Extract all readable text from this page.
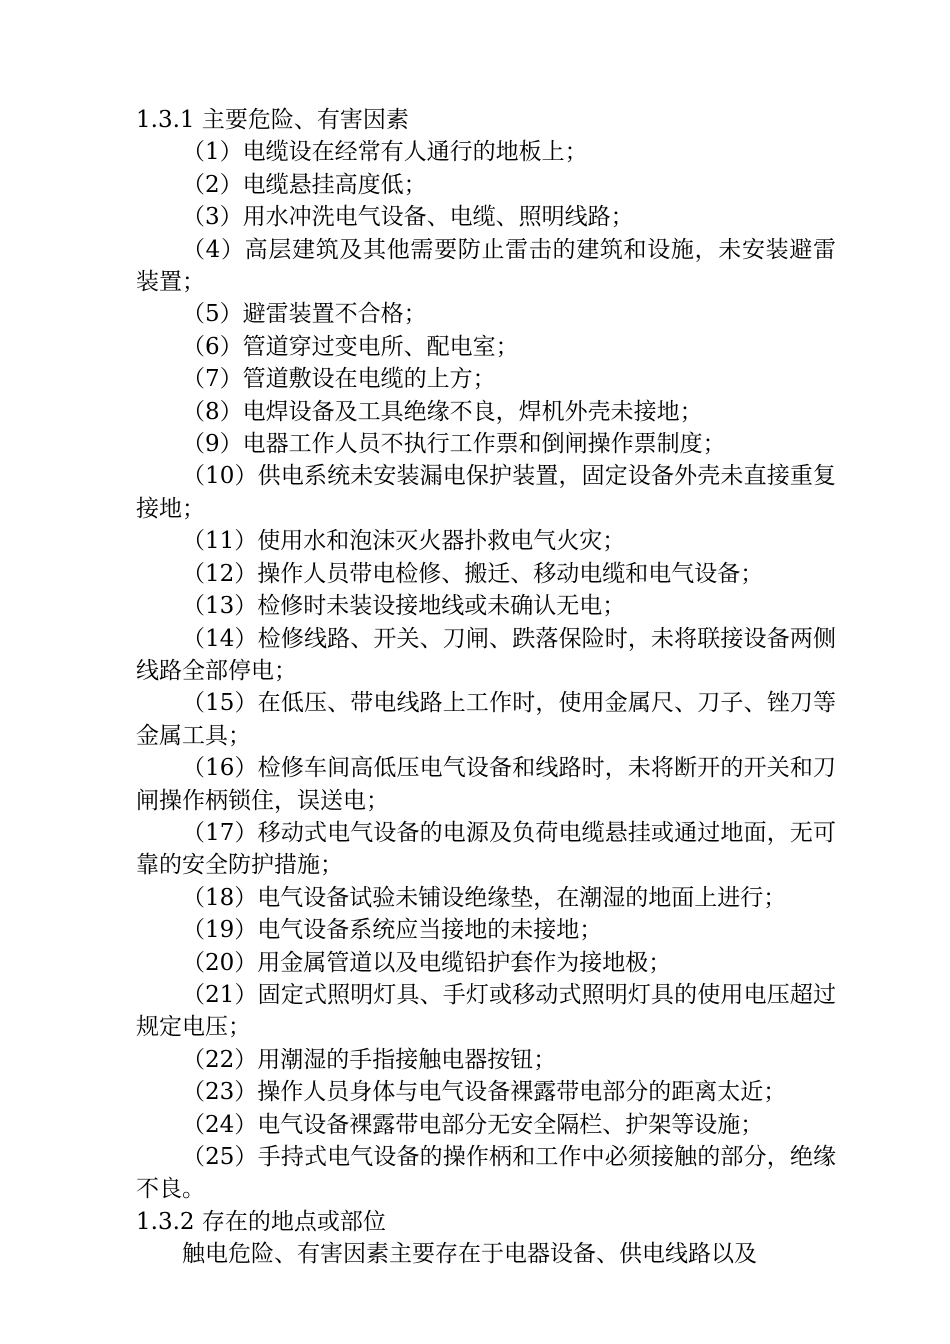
1.3.1 主要危险、有害因素

（1）电缆设在经常有人通行的地板上；

（2）电缆悬挂高度低；

（3）用水冲洗电气设备、电缆、照明线路；

（4）高层建筑及其他需要防止雷击的建筑和设施，未安装避雷装置；

（5）避雷装置不合格；

（6）管道穿过变电所、配电室；

（7）管道敷设在电缆的上方；

（8）电焊设备及工具绝缘不良，焊机外壳未接地；

（9）电器工作人员不执行工作票和倒闸操作票制度；

（10）供电系统未安装漏电保护装置，固定设备外壳未直接重复接地；

（11）使用水和泡沫灭火器扑救电气火灾；

（12）操作人员带电检修、搬迁、移动电缆和电气设备；

（13）检修时未装设接地线或未确认无电；

（14）检修线路、开关、刀闸、跌落保险时，未将联接设备两侧线路全部停电；

（15）在低压、带电线路上工作时，使用金属尺、刀子、锉刀等金属工具；

（16）检修车间高低压电气设备和线路时，未将断开的开关和刀闸操作柄锁住，误送电；

（17）移动式电气设备的电源及负荷电缆悬挂或通过地面，无可靠的安全防护措施；

（18）电气设备试验未铺设绝缘垫，在潮湿的地面上进行；

（19）电气设备系统应当接地的未接地；

（20）用金属管道以及电缆铅护套作为接地极；

（21）固定式照明灯具、手灯或移动式照明灯具的使用电压超过规定电压；

（22）用潮湿的手指接触电器按钮；

（23）操作人员身体与电气设备裸露带电部分的距离太近；

（24）电气设备裸露带电部分无安全隔栏、护架等设施；

（25）手持式电气设备的操作柄和工作中必须接触的部分，绝缘不良。

1.3.2 存在的地点或部位

触电危险、有害因素主要存在于电器设备、供电线路以及
